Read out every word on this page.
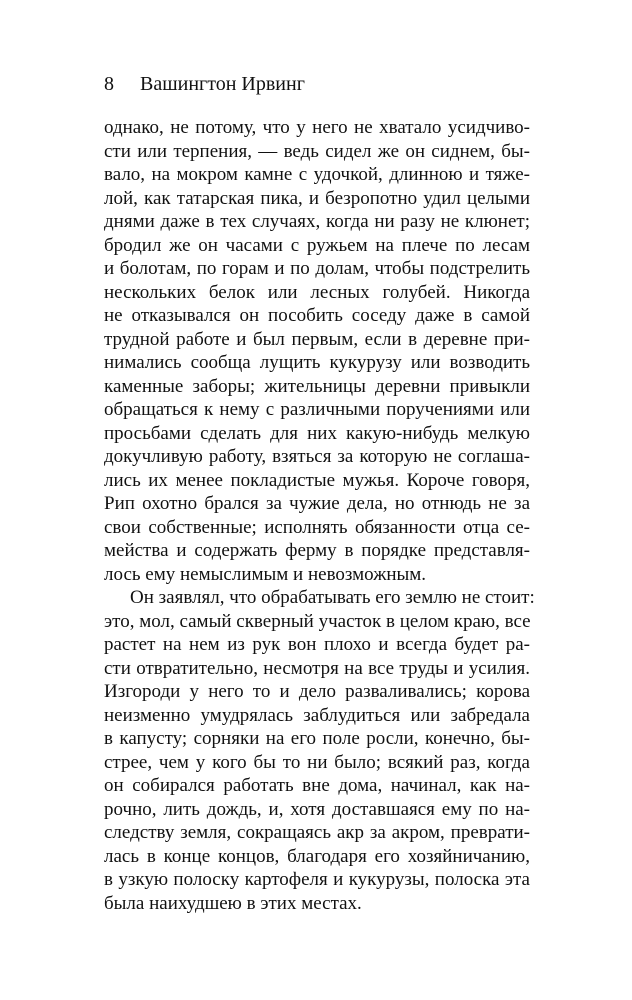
8 Вашингтон Ирвинг
однако, не потому, что у него не хватало усидчиво-
сти или терпения, — ведь сидел же он сиднем, бы-
вало, на мокром камне с удочкой, длинною и тяже-
лой, как татарская пика, и безропотно удил целыми
днями даже в тех случаях, когда ни разу не клюнет;
бродил же он часами с ружьем на плече по лесам
и болотам, по горам и по долам, чтобы подстрелить
нескольких белок или лесных голубей. Никогда
не отказывался он пособить соседу даже в самой
трудной работе и был первым, если в деревне при-
нимались сообща лущить кукурузу или возводить
каменные заборы; жительницы деревни привыкли
обращаться к нему с различными поручениями или
просьбами сделать для них какую-нибудь мелкую
докучливую работу, взяться за которую не соглаша-
лись их менее покладистые мужья. Короче говоря,
Рип охотно брался за чужие дела, но отнюдь не за
свои собственные; исполнять обязанности отца се-
мейства и содержать ферму в порядке представля-
лось ему немыслимым и невозможным.
Он заявлял, что обрабатывать его землю не стоит:
это, мол, самый скверный участок в целом краю, все
растет на нем из рук вон плохо и всегда будет ра-
сти отвратительно, несмотря на все труды и усилия.
Изгороди у него то и дело разваливались; корова
неизменно умудрялась заблудиться или забредала
в капусту; сорняки на его поле росли, конечно, бы-
стрее, чем у кого бы то ни было; всякий раз, когда
он собирался работать вне дома, начинал, как на-
рочно, лить дождь, и, хотя доставшаяся ему по на-
следству земля, сокращаясь акр за акром, преврати-
лась в конце концов, благодаря его хозяйничанию,
в узкую полоску картофеля и кукурузы, полоска эта
была наихудшею в этих местах.
